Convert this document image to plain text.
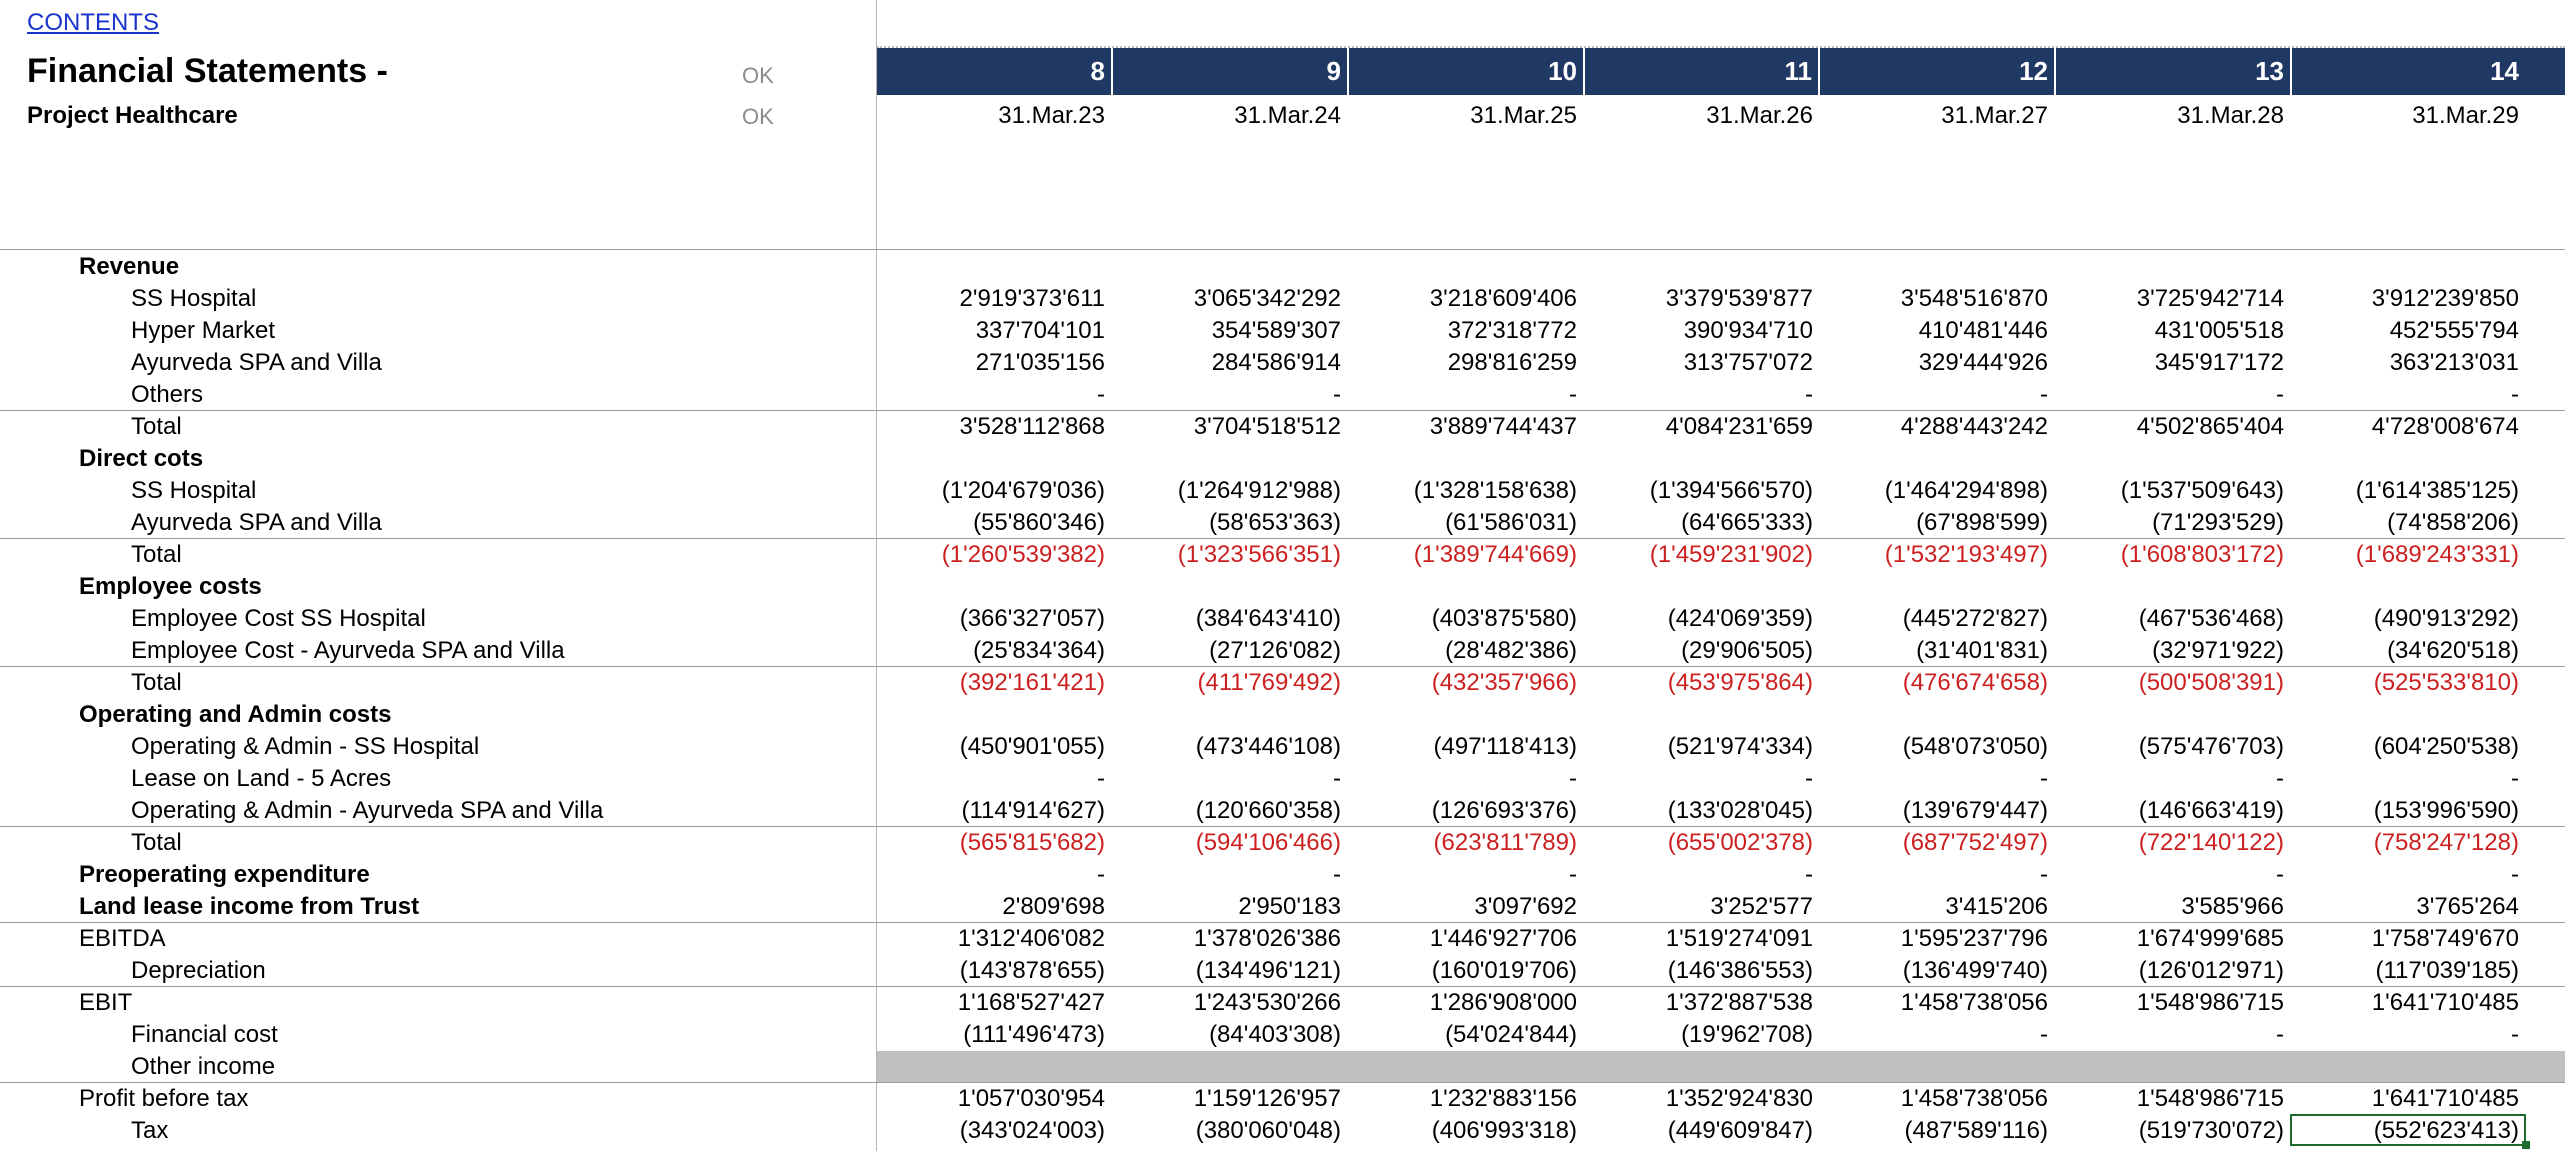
CONTENTS
Financial Statements -
Project Healthcare
OK
OK
8	9	10	11	12	13	14
31.Mar.23	31.Mar.24	31.Mar.25	31.Mar.26	31.Mar.27	31.Mar.28	31.Mar.29
Revenue
SS Hospital	2'919'373'611	3'065'342'292	3'218'609'406	3'379'539'877	3'548'516'870	3'725'942'714	3'912'239'850
Hyper Market	337'704'101	354'589'307	372'318'772	390'934'710	410'481'446	431'005'518	452'555'794
Ayurveda SPA and Villa	271'035'156	284'586'914	298'816'259	313'757'072	329'444'926	345'917'172	363'213'031
Others	-	-	-	-	-	-	-
Total	3'528'112'868	3'704'518'512	3'889'744'437	4'084'231'659	4'288'443'242	4'502'865'404	4'728'008'674
Direct cots
SS Hospital	(1'204'679'036)	(1'264'912'988)	(1'328'158'638)	(1'394'566'570)	(1'464'294'898)	(1'537'509'643)	(1'614'385'125)
Ayurveda SPA and Villa	(55'860'346)	(58'653'363)	(61'586'031)	(64'665'333)	(67'898'599)	(71'293'529)	(74'858'206)
Total	(1'260'539'382)	(1'323'566'351)	(1'389'744'669)	(1'459'231'902)	(1'532'193'497)	(1'608'803'172)	(1'689'243'331)
Employee costs
Employee Cost SS Hospital	(366'327'057)	(384'643'410)	(403'875'580)	(424'069'359)	(445'272'827)	(467'536'468)	(490'913'292)
Employee Cost - Ayurveda SPA and Villa	(25'834'364)	(27'126'082)	(28'482'386)	(29'906'505)	(31'401'831)	(32'971'922)	(34'620'518)
Total	(392'161'421)	(411'769'492)	(432'357'966)	(453'975'864)	(476'674'658)	(500'508'391)	(525'533'810)
Operating and Admin costs
Operating & Admin - SS Hospital	(450'901'055)	(473'446'108)	(497'118'413)	(521'974'334)	(548'073'050)	(575'476'703)	(604'250'538)
Lease on Land - 5 Acres	-	-	-	-	-	-	-
Operating & Admin - Ayurveda SPA and Villa	(114'914'627)	(120'660'358)	(126'693'376)	(133'028'045)	(139'679'447)	(146'663'419)	(153'996'590)
Total	(565'815'682)	(594'106'466)	(623'811'789)	(655'002'378)	(687'752'497)	(722'140'122)	(758'247'128)
Preoperating expenditure	-	-	-	-	-	-	-
Land lease income from Trust	2'809'698	2'950'183	3'097'692	3'252'577	3'415'206	3'585'966	3'765'264
EBITDA	1'312'406'082	1'378'026'386	1'446'927'706	1'519'274'091	1'595'237'796	1'674'999'685	1'758'749'670
Depreciation	(143'878'655)	(134'496'121)	(160'019'706)	(146'386'553)	(136'499'740)	(126'012'971)	(117'039'185)
EBIT	1'168'527'427	1'243'530'266	1'286'908'000	1'372'887'538	1'458'738'056	1'548'986'715	1'641'710'485
Financial cost	(111'496'473)	(84'403'308)	(54'024'844)	(19'962'708)	-	-	-
Other income
Profit before tax	1'057'030'954	1'159'126'957	1'232'883'156	1'352'924'830	1'458'738'056	1'548'986'715	1'641'710'485
Tax	(343'024'003)	(380'060'048)	(406'993'318)	(449'609'847)	(487'589'116)	(519'730'072)	(552'623'413)
